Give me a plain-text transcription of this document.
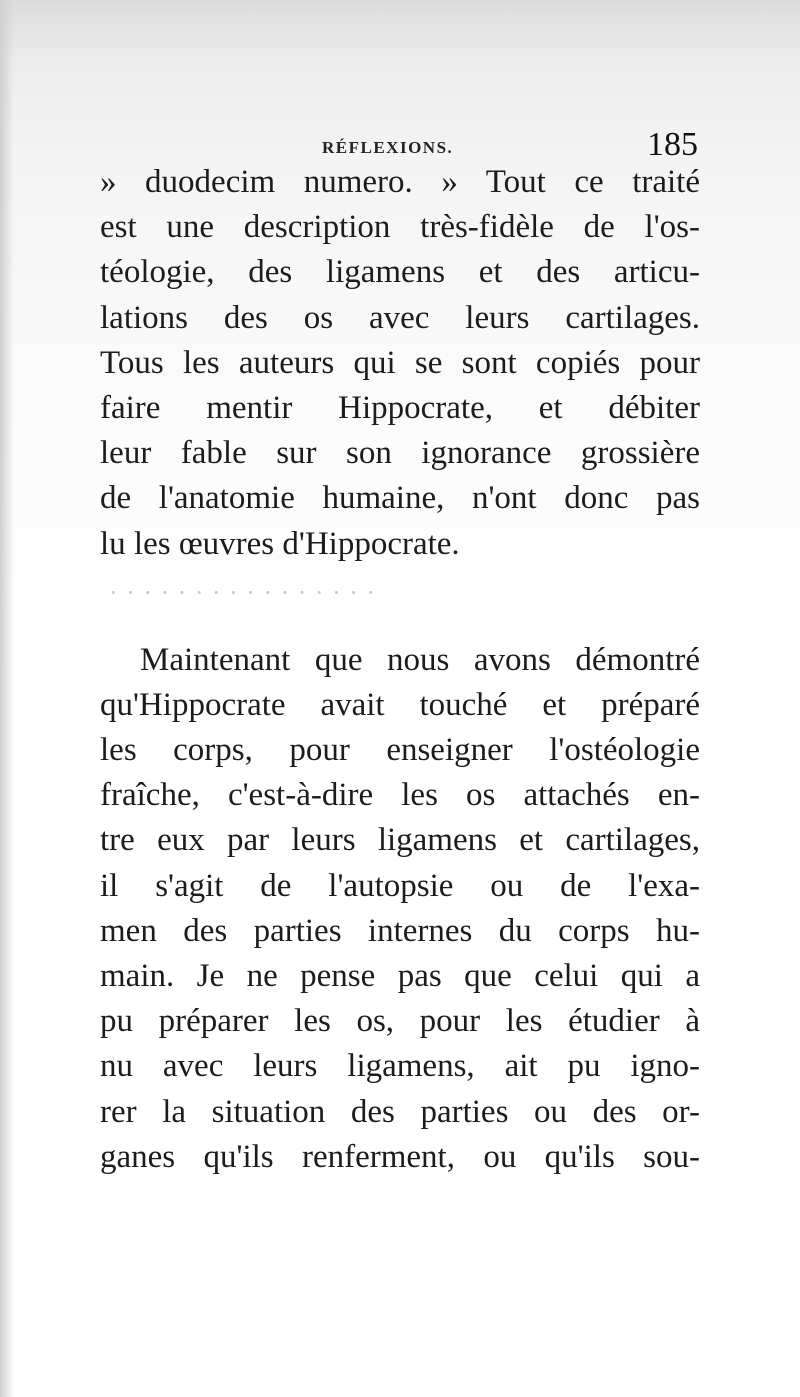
RÉFLEXIONS.	185
· · · · · · · · · · · · · · · ·
» duodecim numero. » Tout ce traité
est une description très-fidèle de l'os-
téologie, des ligamens et des articu-
lations des os avec leurs cartilages.
Tous les auteurs qui se sont copiés pour
faire mentir Hippocrate, et débiter
leur fable sur son ignorance grossière
de l'anatomie humaine, n'ont donc pas
lu les œuvres d'Hippocrate.
Maintenant que nous avons démontré
qu'Hippocrate avait touché et préparé
les corps, pour enseigner l'ostéologie
fraîche, c'est-à-dire les os attachés en-
tre eux par leurs ligamens et cartilages,
il s'agit de l'autopsie ou de l'exa-
men des parties internes du corps hu-
main. Je ne pense pas que celui qui a
pu préparer les os, pour les étudier à
nu avec leurs ligamens, ait pu igno-
rer la situation des parties ou des or-
ganes qu'ils renferment, ou qu'ils sou-
